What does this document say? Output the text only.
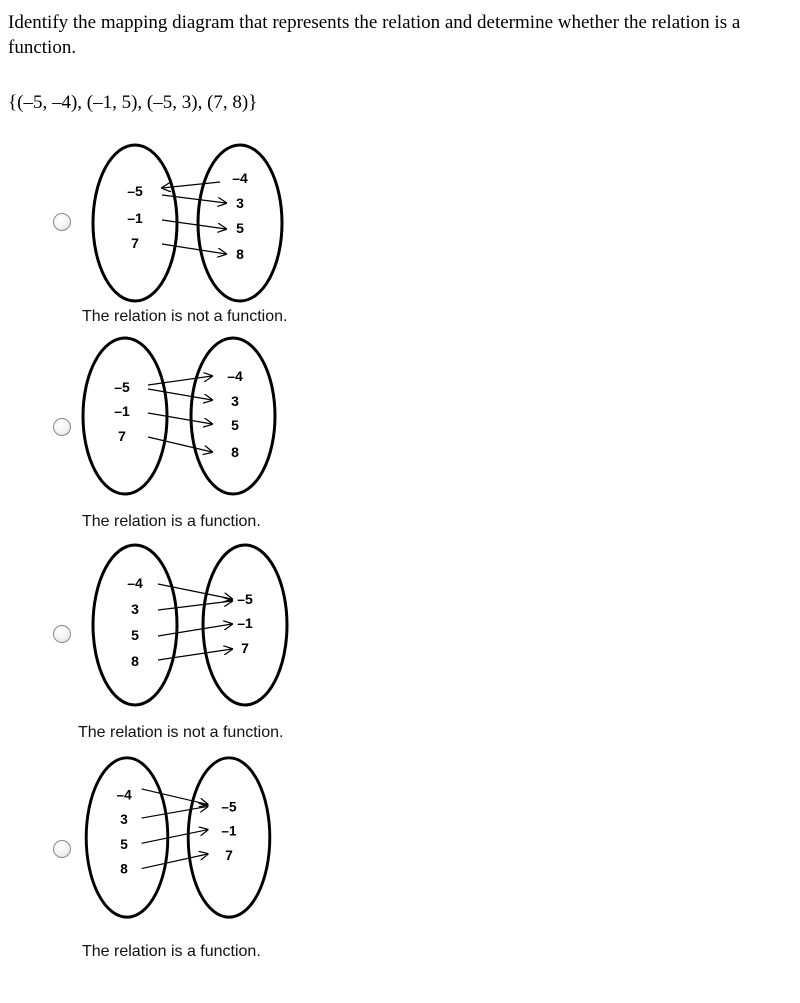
Identify the mapping diagram that represents the relation and determine whether the relation is a function.
{(–5, –4), (–1, 5), (–5, 3), (7, 8)}
–5
–1
7
–4
3
5
8
The relation is not a function.
–5
–1
7
–4
3
5
8
The relation is a function.
–4
3
5
8
–5
–1
7
The relation is not a function.
–4
3
5
8
–5
–1
7
The relation is a function.
